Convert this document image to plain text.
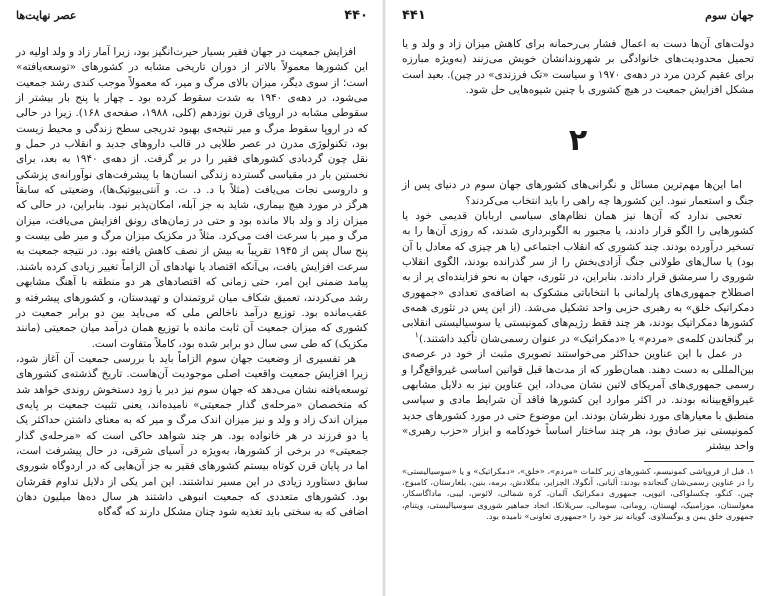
۴۴۰
عصر نهایت‌ها

افزایش جمعیت در جهان فقیر بسیار حیرت‌انگیز بود، زیرا آمار زاد و ولد اولیه در این کشورها معمولاً بالاتر از دوران تاریخی مشابه در کشورهای «توسعه‌یافته» است؛ از سوی دیگر، میزان بالای مرگ و میر، که معمولاً موجب کندی رشد جمعیت می‌شود، در دهه‌ی ۱۹۴۰ به شدت سقوط کرده بود ـ چهار یا پنج بار بیشتر از سقوطی مشابه در اروپای قرن نوزدهم (کلی، ۱۹۸۸، صفحه‌ی ۱۶۸). زیرا در حالی که در اروپا سقوط مرگ و میر نتیجه‌ی بهبود تدریجی سطح زندگی و محیط زیست بود، تکنولوژی مدرن در عصر طلایی در قالب داروهای جدید و انقلاب در حمل و نقل چون گردبادی کشورهای فقیر را در بر گرفت. از دهه‌ی ۱۹۴۰ به بعد، برای نخستین بار در مقیاسی گسترده زندگی انسان‌ها با پیشرفت‌های نوآورانه‌ی پزشکی و داروسی نجات می‌یافت (مثلاً با د. د. ت. و آنتی‌بیوتیک‌ها)، وضعیتی که سابقاً هرگز در مورد هیچ بیماری، شاید به جز آبله، امکان‌پذیر نبود. بنابراین، در حالی که میزان زاد و ولد بالا مانده بود و حتی در زمان‌های رونق افزایش می‌یافت، میزان مرگ و میر با سرعت افت می‌کرد. مثلاً در مکزیک میزان مرگ و میر طی بیست و پنج سال پس از ۱۹۴۵ تقریباً به بیش از نصف کاهش یافته بود. در نتیجه جمعیت به سرعت افزایش یافت، بی‌آنکه اقتصاد یا نهادهای آن الزاماً تغییر زیادی کرده باشند. پیامد ضمنی این امر، حتی زمانی که اقتصادهای هر دو منطقه با آهنگ مشابهی رشد می‌کردند، تعمیق شکاف میان ثروتمندان و تهیدستان، و کشورهای پیشرفته و عقب‌مانده بود. توزیع درآمد ناخالص ملی که می‌باید بین دو برابر جمعیت در کشوری که میزان جمعیت آن ثابت مانده با توزیع همان درآمد میان جمعیتی (مانند مکزیک) که طی سی سال دو برابر شده بود، کاملاً متفاوت است.

هر تفسیری از وضعیت جهان سوم الزاماً باید با بررسی جمعیت آن آغاز شود، زیرا افزایش جمعیت واقعیت اصلی موجودیت آن‌هاست. تاریخ گذشته‌ی کشورهای توسعه‌یافته نشان می‌دهد که جهان سوم نیز دیر یا زود دستخوش روندی خواهد شد که متخصصان «مرحله‌ی گذار جمعیتی» نامیده‌اند، یعنی تثبیت جمعیت بر پایه‌ی میزان اندک زاد و ولد و نیز میزان اندک مرگ و میر که به معنای داشتن حداکثر یک یا دو فرزند در هر خانواده بود. هر چند شواهد حاکی است که «مرحله‌ی گذار جمعیتی» در برخی از کشورها، به‌ویژه در آسیای شرقی، در حال پیشرفت است، اما در پایان قرن کوتاه بیستم کشورهای فقیر به جز آن‌هایی که در اردوگاه شوروی سابق دستاورد زیادی در این مسیر نداشتند. این امر یکی از دلایل تداوم فقرشان بود. کشورهای متعددی که جمعیت انبوهی داشتند هر سال ده‌ها میلیون دهان اضافی که به سختی باید تغذیه شود چنان مشکل دارند که گه‌گاه

جهان سوم
۴۴۱

دولت‌های آن‌ها دست به اعمال فشار بی‌رحمانه برای کاهش میزان زاد و ولد و یا تحمیل محدودیت‌های خانوادگی بر شهروندانشان خویش می‌زنند (به‌ویژه مبارزه برای عقیم کردن مرد در دهه‌ی ۱۹۷۰ و سیاست «تک فرزندی» در چین). بعید است مشکل افزایش جمعیت در هیچ کشوری با چنین شیوه‌هایی حل شود.

۲

اما این‌ها مهم‌ترین مسائل و نگرانی‌های کشورهای جهان سوم در دنیای پس از جنگ و استعمار نبود. این کشورها چه راهی را باید انتخاب می‌کردند؟

تعجبی ندارد که آن‌ها نیز همان نظام‌های سیاسی اربابان قدیمی خود یا کشورهایی را الگو قرار دادند، یا مجبور به الگوبرداری شدند، که روزی آن‌ها را به تسخیر درآورده بودند. چند کشوری که انقلاب اجتماعی (یا هر چیزی که معادل با آن بود) یا سال‌های طولانی جنگ آزادی‌بخش را از سر گذرانده بودند، الگوی انقلاب شوروی را سرمشق قرار دادند. بنابراین، در تئوری، جهان به نحو فزاینده‌ای پر از به اصطلاح جمهوری‌های پارلمانی با انتخاباتی مشکوک به اضافه‌ی تعدادی «جمهوری دمکراتیک خلق» به رهبری حزبی واحد تشکیل می‌شد. (از این پس در تئوری همه‌ی کشورها دمکراتیک بودند، هر چند فقط رژیم‌های کمونیستی یا سوسیالیستی انقلابی بر گنجاندن کلمه‌ی «مردم» یا «دمکراتیک» در عنوان رسمی‌شان تأکید داشتند.)$^۱$

در عمل با این عناوین حداکثر می‌خواستند تصویری مثبت از خود در عرصه‌ی بین‌المللی به دست دهند. همان‌طور که از مدت‌ها قبل قوانین اساسی غیرواقع‌گرا و رسمی جمهوری‌های آمریکای لاتین نشان می‌داد، این عناوین نیز به دلایل مشابهی غیرواقع‌بینانه بودند. در اکثر موارد این کشورها فاقد آن شرایط مادی و سیاسی منطبق با معیارهای مورد نظرشان بودند. این موضوع حتی در مورد کشورهای جدید کمونیستی نیز صادق بود، هر چند ساختار اساساً خودکامه و ابزار «حزب رهبری» واحد بیشتر

۱. قبل از فروپاشی کمونیسم، کشورهای زیر کلمات «مردم»، «خلق»، «دمکراتیک» و یا «سوسیالیستی» را در عناوین رسمی‌شان گنجانده بودند: آلبانی، آنگولا، الجزایر، بنگلادش، برمه، بنین، بلغارستان، کامبوج، چین، کنگو، چکسلواکی، اتیوپی، جمهوری دمکراتیک آلمان، کره شمالی، لائوس، لیبی، ماداگاسکار، مغولستان، موزامبیک، لهستان، رومانی، سومالی، سریلانکا، اتحاد جماهیر شوروی سوسیالیستی، ویتنام، جمهوری خلق یمن و یوگسلاوی. گویانه نیز خود را «جمهوری تعاونی» نامیده بود.
